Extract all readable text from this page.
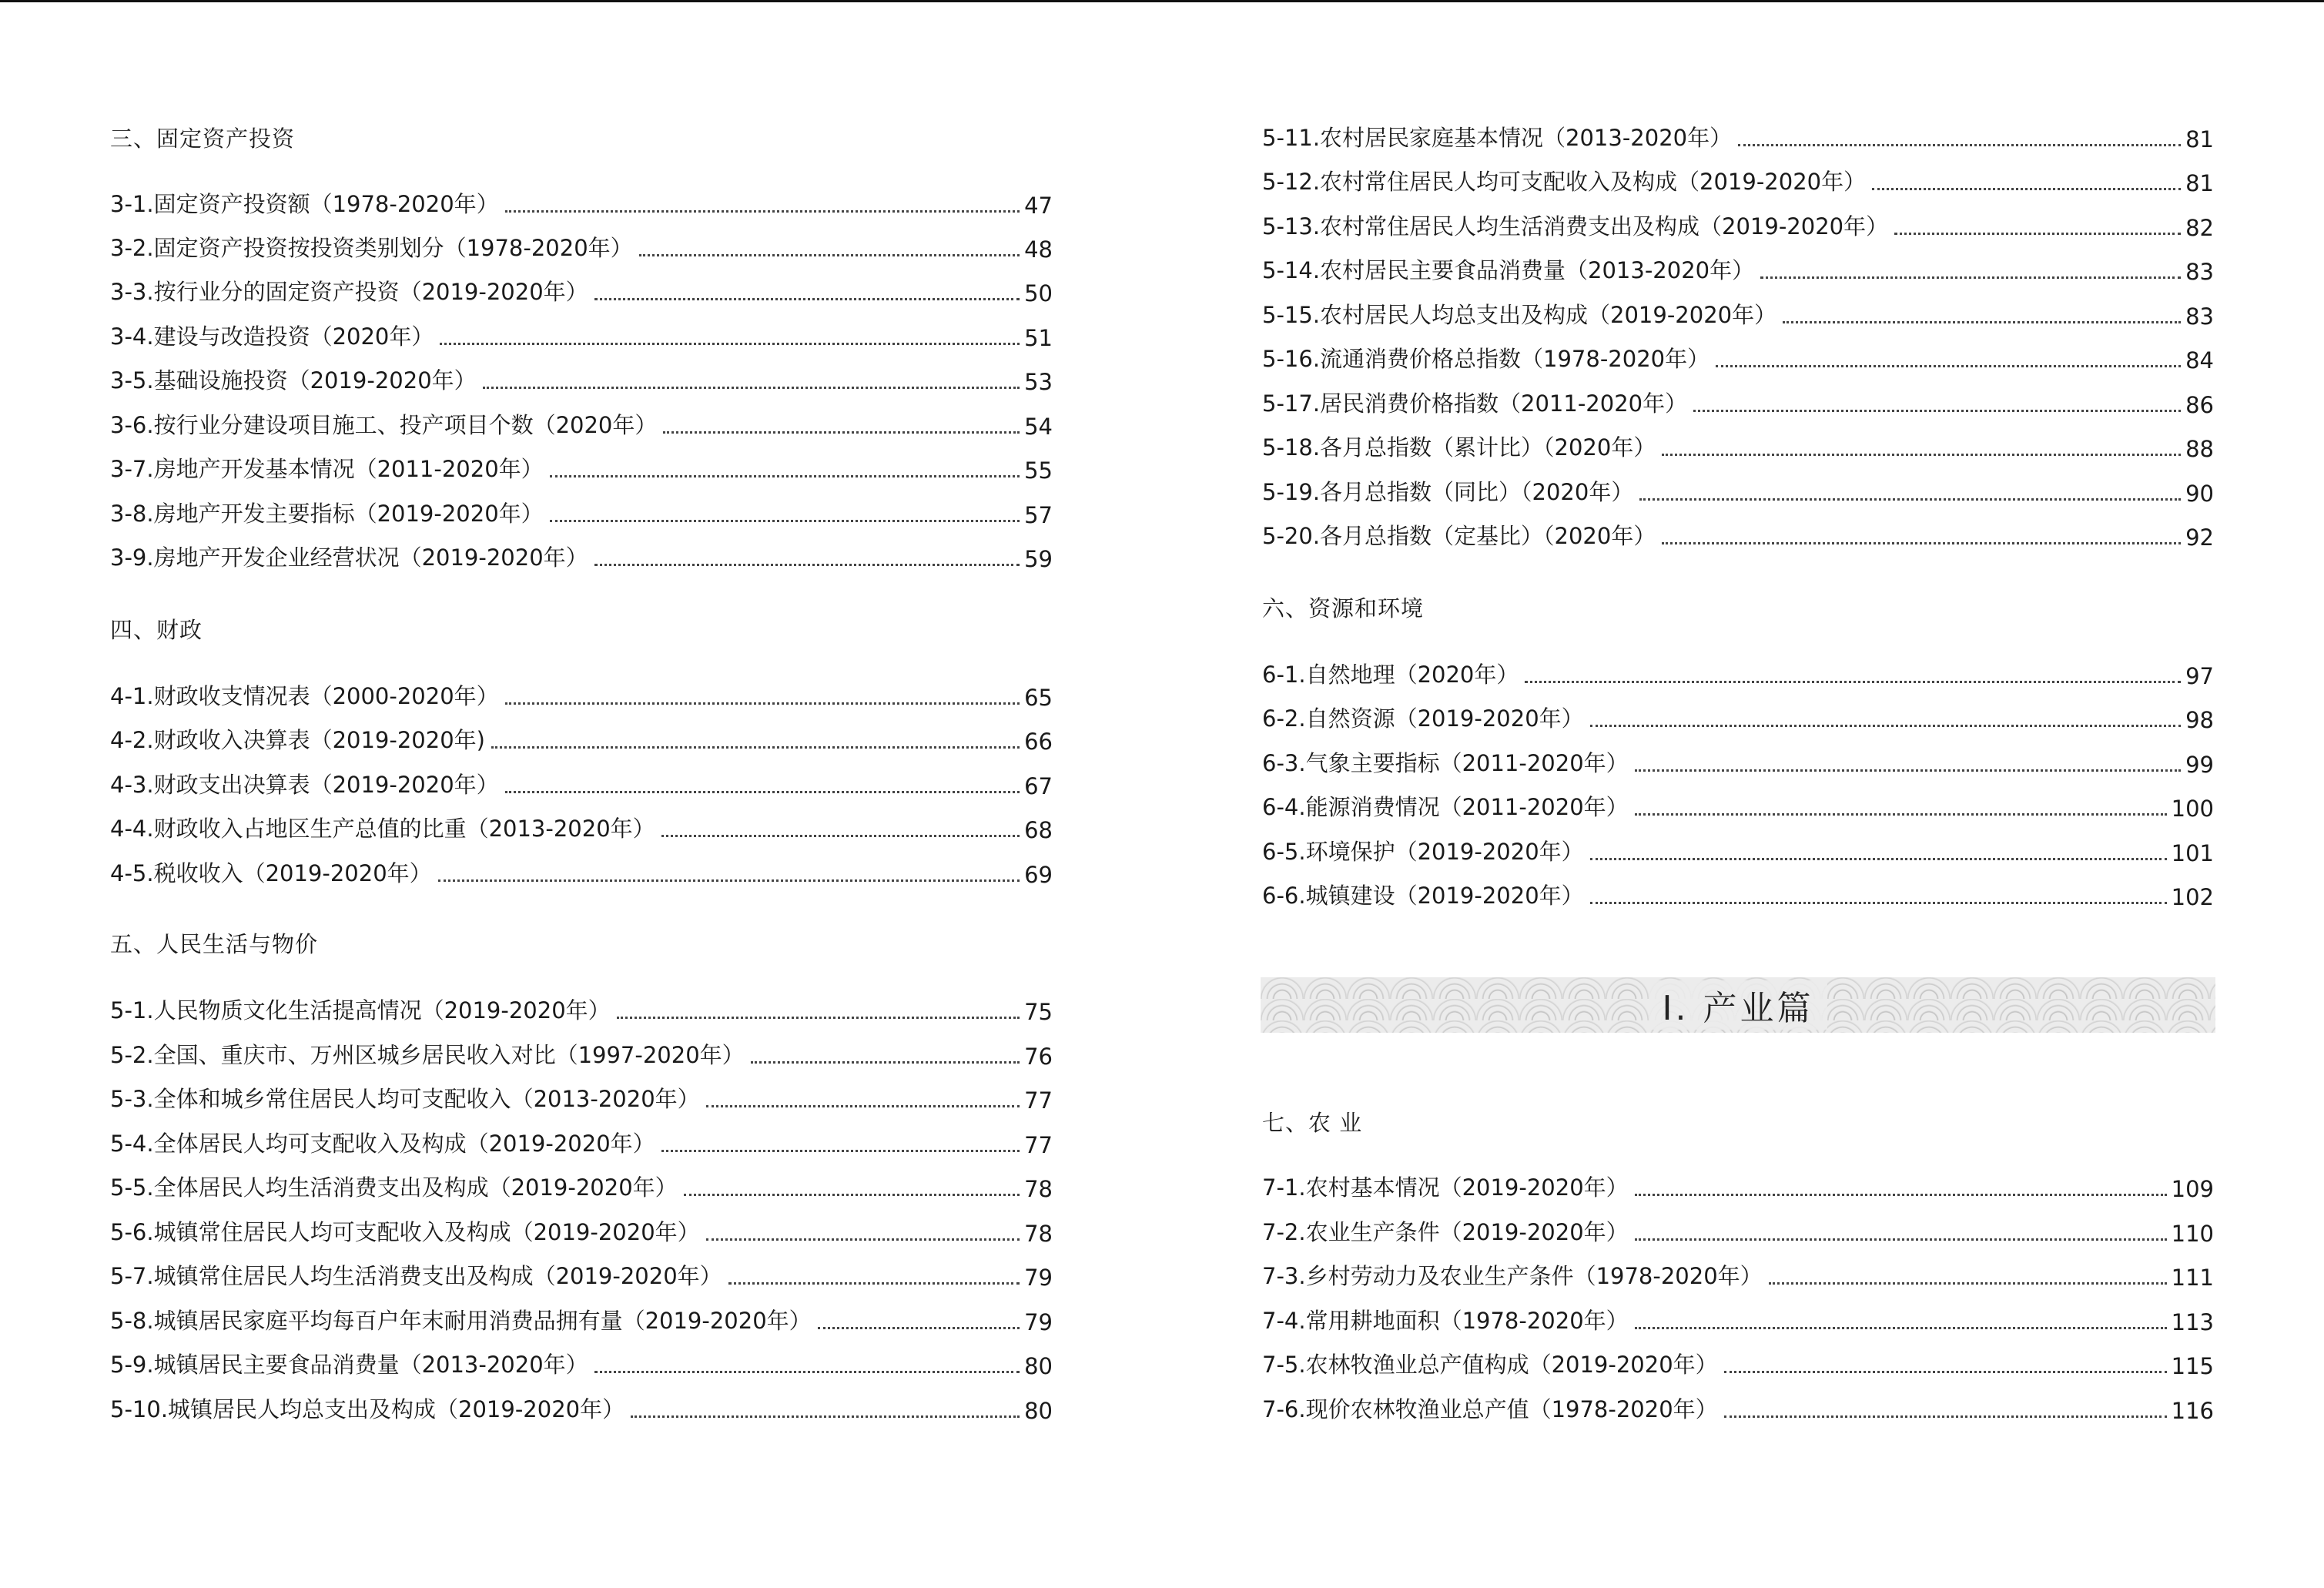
三、固定资产投资
3-1.固定资产投资额（1978-2020年）	47
3-2.固定资产投资按投资类别划分（1978-2020年）	48
3-3.按行业分的固定资产投资（2019-2020年）	50
3-4.建设与改造投资（2020年）	51
3-5.基础设施投资（2019-2020年）	53
3-6.按行业分建设项目施工、投产项目个数（2020年）	54
3-7.房地产开发基本情况（2011-2020年）	55
3-8.房地产开发主要指标（2019-2020年）	57
3-9.房地产开发企业经营状况（2019-2020年）	59
四、财政
4-1.财政收支情况表（2000-2020年）	65
4-2.财政收入决算表（2019-2020年)	66
4-3.财政支出决算表（2019-2020年）	67
4-4.财政收入占地区生产总值的比重（2013-2020年）	68
4-5.税收收入（2019-2020年）	69
五、人民生活与物价
5-1.人民物质文化生活提高情况（2019-2020年）	75
5-2.全国、重庆市、万州区城乡居民收入对比（1997-2020年）	76
5-3.全体和城乡常住居民人均可支配收入（2013-2020年）	77
5-4.全体居民人均可支配收入及构成（2019-2020年）	77
5-5.全体居民人均生活消费支出及构成（2019-2020年）	78
5-6.城镇常住居民人均可支配收入及构成（2019-2020年）	78
5-7.城镇常住居民人均生活消费支出及构成（2019-2020年）	79
5-8.城镇居民家庭平均每百户年末耐用消费品拥有量（2019-2020年）	79
5-9.城镇居民主要食品消费量（2013-2020年）	80
5-10.城镇居民人均总支出及构成（2019-2020年）	80
5-11.农村居民家庭基本情况（2013-2020年）	81
5-12.农村常住居民人均可支配收入及构成（2019-2020年）	81
5-13.农村常住居民人均生活消费支出及构成（2019-2020年）	82
5-14.农村居民主要食品消费量（2013-2020年）	83
5-15.农村居民人均总支出及构成（2019-2020年）	83
5-16.流通消费价格总指数（1978-2020年）	84
5-17.居民消费价格指数（2011-2020年）	86
5-18.各月总指数（累计比）（2020年）	88
5-19.各月总指数（同比）（2020年）	90
5-20.各月总指数（定基比）（2020年）	92
六、资源和环境
6-1.自然地理（2020年）	97
6-2.自然资源（2019-2020年）	98
6-3.气象主要指标（2011-2020年）	99
6-4.能源消费情况（2011-2020年）	100
6-5.环境保护（2019-2020年）	101
6-6.城镇建设（2019-2020年）	102
七、农 业
7-1.农村基本情况（2019-2020年）	109
7-2.农业生产条件（2019-2020年）	110
7-3.乡村劳动力及农业生产条件（1978-2020年）	111
7-4.常用耕地面积（1978-2020年）	113
7-5.农林牧渔业总产值构成（2019-2020年）	115
7-6.现价农林牧渔业总产值（1978-2020年）	116
Ⅰ. 产业篇
